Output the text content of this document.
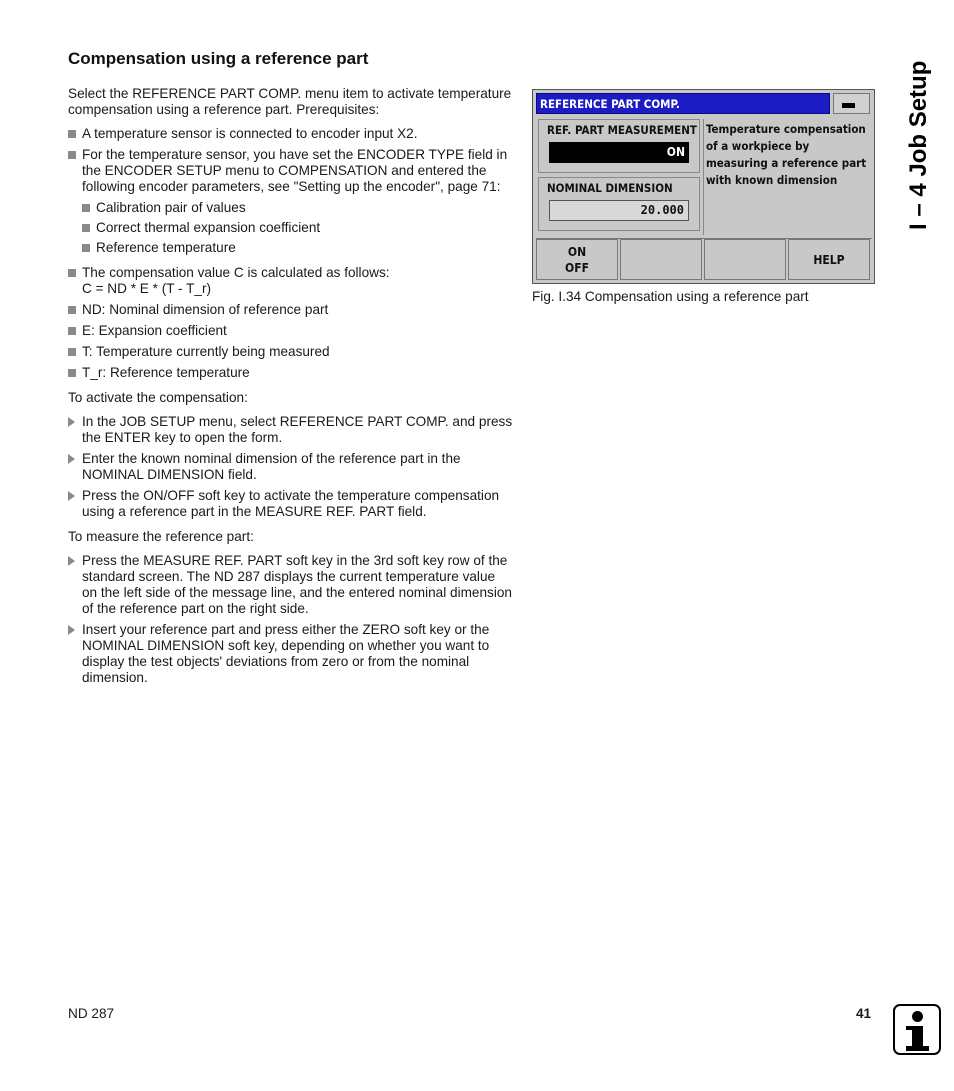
Compensation using a reference part

Select the REFERENCE PART COMP. menu item to activate temperature compensation using a reference part. Prerequisites:

A temperature sensor is connected to encoder input X2.
For the temperature sensor, you have set the ENCODER TYPE field in the ENCODER SETUP menu to COMPENSATION and entered the following encoder parameters, see "Setting up the encoder", page 71:
Calibration pair of values
Correct thermal expansion coefficient
Reference temperature
The compensation value C is calculated as follows:
C = ND * E * (T - T_r)
ND: Nominal dimension of reference part
E: Expansion coefficient
T: Temperature currently being measured
T_r: Reference temperature

To activate the compensation:

In the JOB SETUP menu, select REFERENCE PART COMP. and press the ENTER key to open the form.
Enter the known nominal dimension of the reference part in the NOMINAL DIMENSION field.
Press the ON/OFF soft key to activate the temperature compensation using a reference part in the MEASURE REF. PART field.

To measure the reference part:

Press the MEASURE REF. PART soft key in the 3rd soft key row of the standard screen. The ND 287 displays the current temperature value on the left side of the message line, and the entered nominal dimension of the reference part on the right side.
Insert your reference part and press either the ZERO soft key or the NOMINAL DIMENSION soft key, depending on whether you want to display the test objects' deviations from zero or from the nominal dimension.
REFERENCE PART COMP.
REF. PART MEASUREMENT
ON
NOMINAL DIMENSION
20.000
Temperature compensation of a workpiece by measuring a reference part with known dimension
ON
OFF
HELP
Fig. I.34 Compensation using a reference part
I – 4 Job Setup
ND 287	41
